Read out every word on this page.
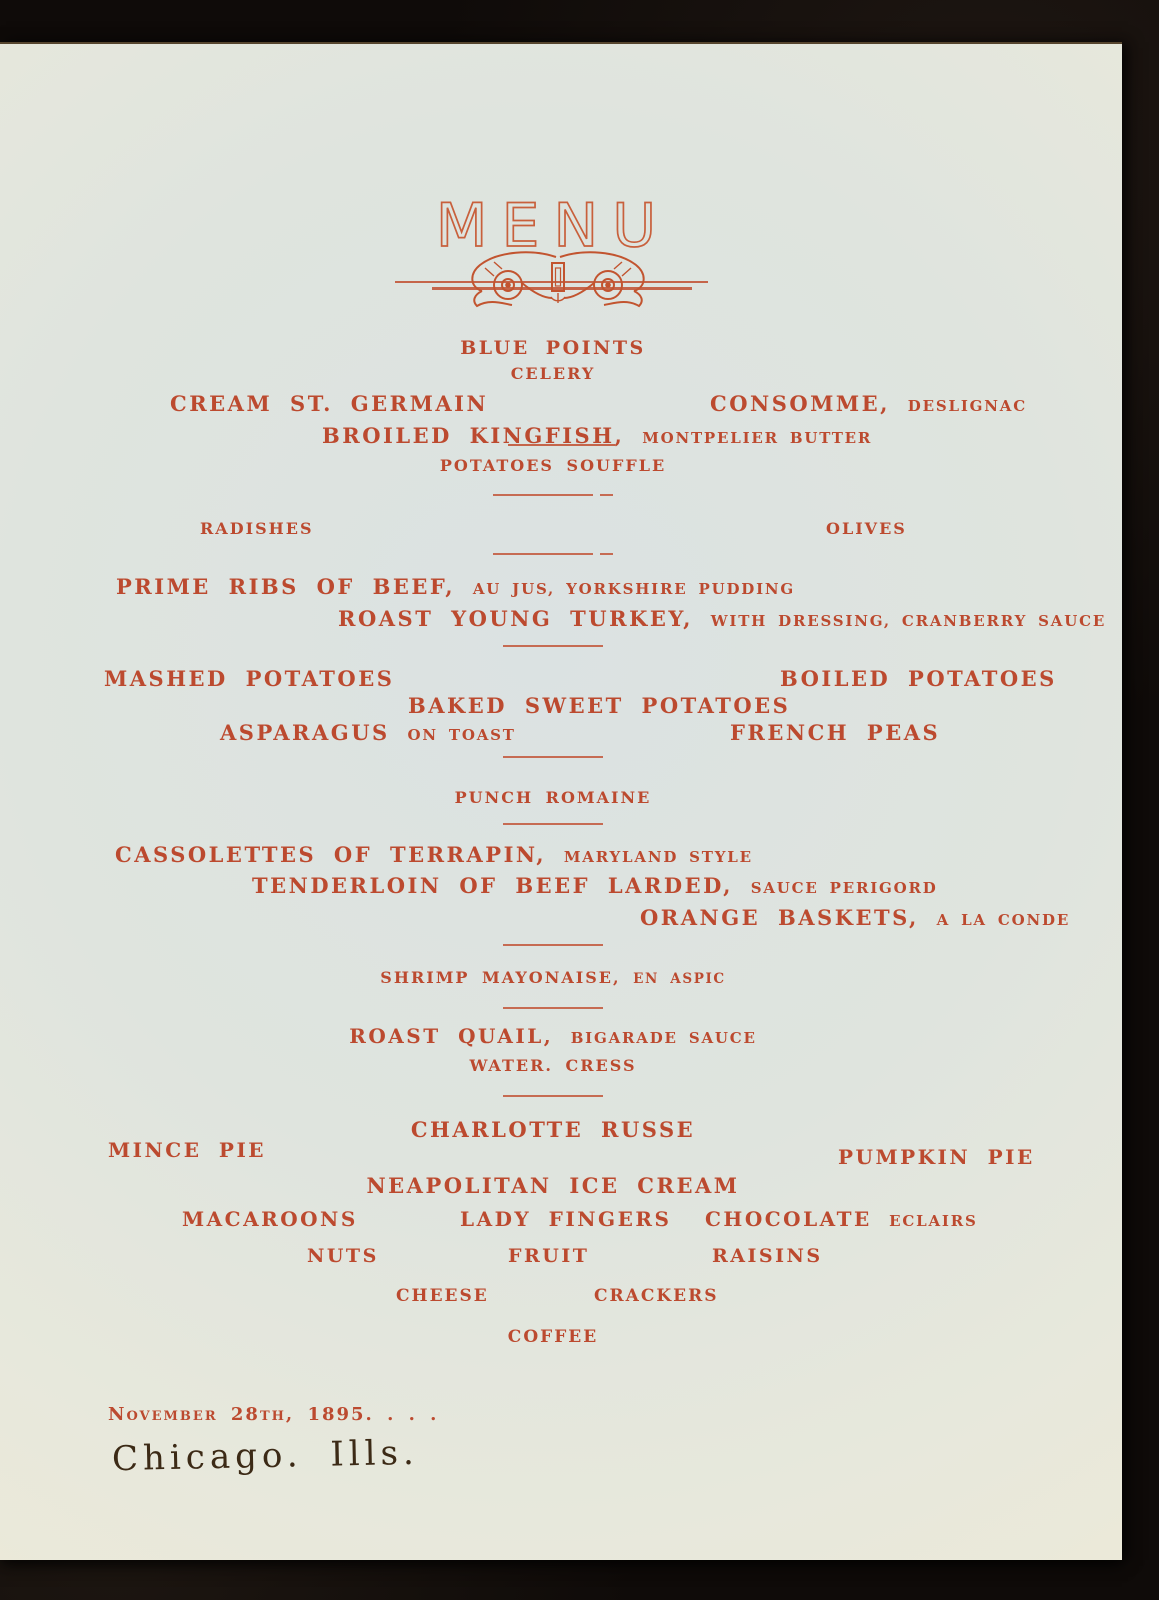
MENU
BLUE POINTS
CELERY
CREAM ST. GERMAIN	CONSOMME, DESLIGNAC
BROILED KINGFISH, MONTPELIER BUTTER
POTATOES SOUFFLE
RADISHES	OLIVES
PRIME RIBS OF BEEF, AU JUS, YORKSHIRE PUDDING
ROAST YOUNG TURKEY, WITH DRESSING, CRANBERRY SAUCE
MASHED POTATOES	BOILED POTATOES
BAKED SWEET POTATOES
ASPARAGUS ON TOAST	FRENCH PEAS
PUNCH ROMAINE
CASSOLETTES OF TERRAPIN, MARYLAND STYLE
TENDERLOIN OF BEEF LARDED, SAUCE PERIGORD
ORANGE BASKETS, A LA CONDE
SHRIMP MAYONAISE, EN ASPIC
ROAST QUAIL, BIGARADE SAUCE
WATER. CRESS
CHARLOTTE RUSSE
MINCE PIE	PUMPKIN PIE
NEAPOLITAN ICE CREAM
MACAROONS	LADY FINGERS CHOCOLATE ECLAIRS
NUTS	FRUIT	RAISINS
CHEESE	CRACKERS
COFFEE
November 28th, 1895. . . .
Chicago. Ills.
